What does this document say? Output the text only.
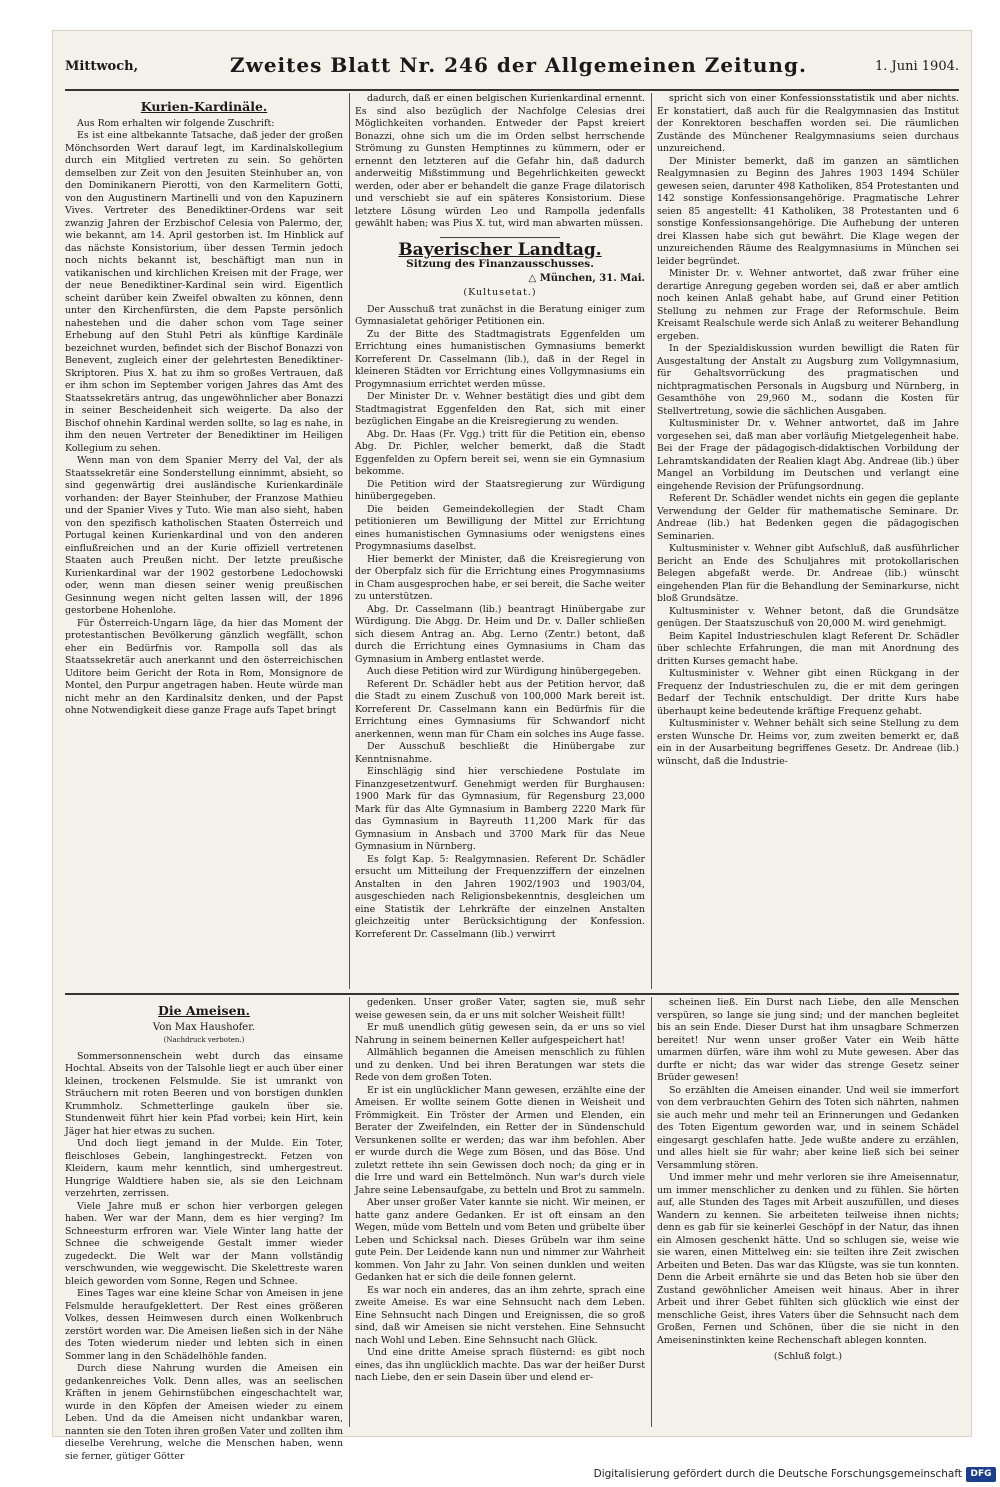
Mittwoch,	Zweites Blatt Nr. 246 der Allgemeinen Zeitung.	1. Juni 1904.
Kurien-Kardinäle.

Aus Rom erhalten wir folgende Zuschrift:

Es ist eine altbekannte Tatsache, daß jeder der großen Mönchsorden Wert darauf legt, im Kardinalskollegium durch ein Mitglied vertreten zu sein. So gehörten demselben zur Zeit von den Jesuiten Steinhuber an, von den Dominikanern Pierotti, von den Karmelitern Gotti, von den Augustinern Martinelli und von den Kapuzinern Vives. Vertreter des Benediktiner-Ordens war seit zwanzig Jahren der Erzbischof Celesia von Palermo, der, wie bekannt, am 14. April gestorben ist. Im Hinblick auf das nächste Konsistorium, über dessen Termin jedoch noch nichts bekannt ist, beschäftigt man nun in vatikanischen und kirchlichen Kreisen mit der Frage, wer der neue Benediktiner-Kardinal sein wird. Eigentlich scheint darüber kein Zweifel obwalten zu können, denn unter den Kirchenfürsten, die dem Papste persönlich nahestehen und die daher schon vom Tage seiner Erhebung auf den Stuhl Petri als künftige Kardinäle bezeichnet wurden, befindet sich der Bischof Bonazzi von Benevent, zugleich einer der gelehrtesten Benediktiner-Skriptoren. Pius X. hat zu ihm so großes Vertrauen, daß er ihm schon im September vorigen Jahres das Amt des Staatssekretärs antrug, das ungewöhnlicher aber Bonazzi in seiner Bescheidenheit sich weigerte. Da also der Bischof ohnehin Kardinal werden sollte, so lag es nahe, in ihm den neuen Vertreter der Benediktiner im Heiligen Kollegium zu sehen.

Wenn man von dem Spanier Merry del Val, der als Staatssekretär eine Sonderstellung einnimmt, absieht, so sind gegenwärtig drei ausländische Kurienkardinäle vorhanden: der Bayer Steinhuber, der Franzose Mathieu und der Spanier Vives y Tuto. Wie man also sieht, haben von den spezifisch katholischen Staaten Österreich und Portugal keinen Kurienkardinal und von den anderen einflußreichen und an der Kurie offiziell vertretenen Staaten auch Preußen nicht. Der letzte preußische Kurienkardinal war der 1902 gestorbene Ledochowski oder, wenn man diesen seiner wenig preußischen Gesinnung wegen nicht gelten lassen will, der 1896 gestorbene Hohenlohe.

Für Österreich-Ungarn läge, da hier das Moment der protestantischen Bevölkerung gänzlich wegfällt, schon eher ein Bedürfnis vor. Rampolla soll das als Staatssekretär auch anerkannt und den österreichischen Uditore beim Gericht der Rota in Rom, Monsignore de Montel, den Purpur angetragen haben. Heute würde man nicht mehr an den Kardinalsitz denken, und der Papst ohne Notwendigkeit diese ganze Frage aufs Tapet bringt

dadurch, daß er einen belgischen Kurienkardinal ernennt. Es sind also bezüglich der Nachfolge Celesias drei Möglichkeiten vorhanden. Entweder der Papst kreiert Bonazzi, ohne sich um die im Orden selbst herrschende Strömung zu Gunsten Hemptinnes zu kümmern, oder er ernennt den letzteren auf die Gefahr hin, daß dadurch anderweitig Mißstimmung und Begehrlichkeiten geweckt werden, oder aber er behandelt die ganze Frage dilatorisch und verschiebt sie auf ein späteres Konsistorium. Diese letztere Lösung würden Leo und Rampolla jedenfalls gewählt haben; was Pius X. tut, wird man abwarten müssen.

Bayerischer Landtag.
Sitzung des Finanzausschusses.
△ München, 31. Mai.
(Kultusetat.)

Der Ausschuß trat zunächst in die Beratung einiger zum Gymnasialetat gehöriger Petitionen ein.

Zu der Bitte des Stadtmagistrats Eggenfelden um Errichtung eines humanistischen Gymnasiums bemerkt Korreferent Dr. Casselmann (lib.), daß in der Regel in kleineren Städten vor Errichtung eines Vollgymnasiums ein Progymnasium errichtet werden müsse.

Der Minister Dr. v. Wehner bestätigt dies und gibt dem Stadtmagistrat Eggenfelden den Rat, sich mit einer bezüglichen Eingabe an die Kreisregierung zu wenden.

Abg. Dr. Haas (Fr. Vgg.) tritt für die Petition ein, ebenso Abg. Dr. Pichler, welcher bemerkt, daß die Stadt Eggenfelden zu Opfern bereit sei, wenn sie ein Gymnasium bekomme.

Die Petition wird der Staatsregierung zur Würdigung hinübergegeben.

Die beiden Gemeindekollegien der Stadt Cham petitionieren um Bewilligung der Mittel zur Errichtung eines humanistischen Gymnasiums oder wenigstens eines Progymnasiums daselbst.

Hier bemerkt der Minister, daß die Kreisregierung von der Oberpfalz sich für die Errichtung eines Progymnasiums in Cham ausgesprochen habe, er sei bereit, die Sache weiter zu unterstützen.

Abg. Dr. Casselmann (lib.) beantragt Hinübergabe zur Würdigung. Die Abgg. Dr. Heim und Dr. v. Daller schließen sich diesem Antrag an. Abg. Lerno (Zentr.) betont, daß durch die Errichtung eines Gymnasiums in Cham das Gymnasium in Amberg entlastet werde.

Auch diese Petition wird zur Würdigung hinübergegeben.

Referent Dr. Schädler hebt aus der Petition hervor, daß die Stadt zu einem Zuschuß von 100,000 Mark bereit ist. Korreferent Dr. Casselmann kann ein Bedürfnis für die Errichtung eines Gymnasiums für Schwandorf nicht anerkennen, wenn man für Cham ein solches ins Auge fasse.

Der Ausschuß beschließt die Hinübergabe zur Kenntnisnahme.

Einschlägig sind hier verschiedene Postulate im Finanzgesetzentwurf. Genehmigt werden für Burghausen: 1900 Mark für das Gymnasium, für Regensburg 23,000 Mark für das Alte Gymnasium in Bamberg 2220 Mark für das Gymnasium in Bayreuth 11,200 Mark für das Gymnasium in Ansbach und 3700 Mark für das Neue Gymnasium in Nürnberg.

Es folgt Kap. 5: Realgymnasien. Referent Dr. Schädler ersucht um Mitteilung der Frequenzziffern der einzelnen Anstalten in den Jahren 1902/1903 und 1903/04, ausgeschieden nach Religionsbekenntnis, desgleichen um eine Statistik der Lehrkräfte der einzelnen Anstalten gleichzeitig unter Berücksichtigung der Konfession. Korreferent Dr. Casselmann (lib.) verwirrt

spricht sich von einer Konfessionsstatistik und aber nichts. Er konstatiert, daß auch für die Realgymnasien das Institut der Konrektoren beschaffen worden sei. Die räumlichen Zustände des Münchener Realgymnasiums seien durchaus unzureichend.

Der Minister bemerkt, daß im ganzen an sämtlichen Realgymnasien zu Beginn des Jahres 1903 1494 Schüler gewesen seien, darunter 498 Katholiken, 854 Protestanten und 142 sonstige Konfessionsangehörige. Pragmatische Lehrer seien 85 angestellt: 41 Katholiken, 38 Protestanten und 6 sonstige Konfessionsangehörige. Die Aufhebung der unteren drei Klassen habe sich gut bewährt. Die Klage wegen der unzureichenden Räume des Realgymnasiums in München sei leider begründet.

Minister Dr. v. Wehner antwortet, daß zwar früher eine derartige Anregung gegeben worden sei, daß er aber amtlich noch keinen Anlaß gehabt habe, auf Grund einer Petition Stellung zu nehmen zur Frage der Reformschule. Beim Kreisamt Realschule werde sich Anlaß zu weiterer Behandlung ergeben.

In der Spezialdiskussion wurden bewilligt die Raten für Ausgestaltung der Anstalt zu Augsburg zum Vollgymnasium, für Gehaltsvorrückung des pragmatischen und nichtpragmatischen Personals in Augsburg und Nürnberg, in Gesamthöhe von 29,960 M., sodann die Kosten für Stellvertretung, sowie die sächlichen Ausgaben.

Kultusminister Dr. v. Wehner antwortet, daß im Jahre vorgesehen sei, daß man aber vorläufig Mietgelegenheit habe. Bei der Frage der pädagogisch-didaktischen Vorbildung der Lehramtskandidaten der Realien klagt Abg. Andreae (lib.) über Mangel an Vorbildung im Deutschen und verlangt eine eingehende Revision der Prüfungsordnung.

Referent Dr. Schädler wendet nichts ein gegen die geplante Verwendung der Gelder für mathematische Seminare. Dr. Andreae (lib.) hat Bedenken gegen die pädagogischen Seminarien.

Kultusminister v. Wehner gibt Aufschluß, daß ausführlicher Bericht an Ende des Schuljahres mit protokollarischen Belegen abgefaßt werde. Dr. Andreae (lib.) wünscht eingehenden Plan für die Behandlung der Seminarkurse, nicht bloß Grundsätze.

Kultusminister v. Wehner betont, daß die Grundsätze genügen. Der Staatszuschuß von 20,000 M. wird genehmigt.

Beim Kapitel Industrieschulen klagt Referent Dr. Schädler über schlechte Erfahrungen, die man mit Anordnung des dritten Kurses gemacht habe.

Kultusminister v. Wehner gibt einen Rückgang in der Frequenz der Industrieschulen zu, die er mit dem geringen Bedarf der Technik entschuldigt. Der dritte Kurs habe überhaupt keine bedeutende kräftige Frequenz gehabt.

Kultusminister v. Wehner behält sich seine Stellung zu dem ersten Wunsche Dr. Heims vor, zum zweiten bemerkt er, daß ein in der Ausarbeitung begriffenes Gesetz. Dr. Andreae (lib.) wünscht, daß die Industrie-

Die Ameisen.
Von Max Haushofer.
(Nachdruck verboten.)

Sommersonnenschein webt durch das einsame Hochtal. Abseits von der Talsohle liegt er auch über einer kleinen, trockenen Felsmulde. Sie ist umrankt von Sträuchern mit roten Beeren und von borstigen dunklen Krummholz. Schmetterlinge gaukeln über sie. Stundenweit führt hier kein Pfad vorbei; kein Hirt, kein Jäger hat hier etwas zu suchen.

Und doch liegt jemand in der Mulde. Ein Toter, fleischloses Gebein, langhingestreckt. Fetzen von Kleidern, kaum mehr kenntlich, sind umhergestreut. Hungrige Waldtiere haben sie, als sie den Leichnam verzehrten, zerrissen.

Viele Jahre muß er schon hier verborgen gelegen haben. Wer war der Mann, dem es hier verging? Im Schneesturm erfroren war. Viele Winter lang hatte der Schnee die schweigende Gestalt immer wieder zugedeckt. Die Welt war der Mann vollständig verschwunden, wie weggewischt. Die Skelettreste waren bleich geworden vom Sonne, Regen und Schnee.

Eines Tages war eine kleine Schar von Ameisen in jene Felsmulde heraufgeklettert. Der Rest eines größeren Volkes, dessen Heimwesen durch einen Wolkenbruch zerstört worden war. Die Ameisen ließen sich in der Nähe des Toten wiederum nieder und lebten sich in einen Sommer lang in den Schädelhöhle fanden.

Durch diese Nahrung wurden die Ameisen ein gedankenreiches Volk. Denn alles, was an seelischen Kräften in jenem Gehirnstübchen eingeschachtelt war, wurde in den Köpfen der Ameisen wieder zu einem Leben. Und da die Ameisen nicht undankbar waren, nannten sie den Toten ihren großen Vater und zollten ihm dieselbe Verehrung, welche die Menschen haben, wenn sie ferner, gütiger Götter

gedenken. Unser großer Vater, sagten sie, muß sehr weise gewesen sein, da er uns mit solcher Weisheit füllt!

Er muß unendlich gütig gewesen sein, da er uns so viel Nahrung in seinem beinernen Keller aufgespeichert hat!

Allmählich begannen die Ameisen menschlich zu fühlen und zu denken. Und bei ihren Beratungen war stets die Rede von dem großen Toten.

Er ist ein unglücklicher Mann gewesen, erzählte eine der Ameisen. Er wollte seinem Gotte dienen in Weisheit und Frömmigkeit. Ein Tröster der Armen und Elenden, ein Berater der Zweifelnden, ein Retter der in Sündenschuld Versunkenen sollte er werden; das war ihm befohlen. Aber er wurde durch die Wege zum Bösen, und das Böse. Und zuletzt rettete ihn sein Gewissen doch noch; da ging er in die Irre und ward ein Bettelmönch. Nun war's durch viele Jahre seine Lebensaufgabe, zu betteln und Brot zu sammeln.

Aber unser großer Vater kannte sie nicht. Wir meinen, er hatte ganz andere Gedanken. Er ist oft einsam an den Wegen, müde vom Betteln und vom Beten und grübelte über Leben und Schicksal nach. Dieses Grübeln war ihm seine gute Pein. Der Leidende kann nun und nimmer zur Wahrheit kommen. Von Jahr zu Jahr. Von seinen dunklen und weiten Gedanken hat er sich die deile fonnen gelernt.

Es war noch ein anderes, das an ihm zehrte, sprach eine zweite Ameise. Es war eine Sehnsucht nach dem Leben. Eine Sehnsucht nach Dingen und Ereignissen, die so groß sind, daß wir Ameisen sie nicht verstehen. Eine Sehnsucht nach Wohl und Leben. Eine Sehnsucht nach Glück.

Und eine dritte Ameise sprach flüsternd: es gibt noch eines, das ihn unglücklich machte. Das war der heißer Durst nach Liebe, den er sein Dasein über und elend er-

scheinen ließ. Ein Durst nach Liebe, den alle Menschen verspüren, so lange sie jung sind; und der manchen begleitet bis an sein Ende. Dieser Durst hat ihm unsagbare Schmerzen bereitet! Nur wenn unser großer Vater ein Weib hätte umarmen dürfen, wäre ihm wohl zu Mute gewesen. Aber das durfte er nicht; das war wider das strenge Gesetz seiner Brüder gewesen!

So erzählten die Ameisen einander. Und weil sie immerfort von dem verbrauchten Gehirn des Toten sich nährten, nahmen sie auch mehr und mehr teil an Erinnerungen und Gedanken des Toten Eigentum geworden war, und in seinem Schädel eingesargt geschlafen hatte. Jede wußte andere zu erzählen, und alles hielt sie für wahr; aber keine ließ sich bei seiner Versammlung stören.

Und immer mehr und mehr verloren sie ihre Ameisennatur, um immer menschlicher zu denken und zu fühlen. Sie hörten auf, alle Stunden des Tages mit Arbeit auszufüllen, und dieses Wandern zu kennen. Sie arbeiteten teilweise ihnen nichts; denn es gab für sie keinerlei Geschöpf in der Natur, das ihnen ein Almosen geschenkt hätte. Und so schlugen sie, weise wie sie waren, einen Mittelweg ein: sie teilten ihre Zeit zwischen Arbeiten und Beten. Das war das Klügste, was sie tun konnten. Denn die Arbeit ernährte sie und das Beten hob sie über den Zustand gewöhnlicher Ameisen weit hinaus. Aber in ihrer Arbeit und ihrer Gebet fühlten sich glücklich wie einst der menschliche Geist, ihres Vaters über die Sehnsucht nach dem Großen, Fernen und Schönen, über die sie nicht in den Ameiseninstinkten keine Rechenschaft ablegen konnten.

(Schluß folgt.)
Digitalisierung gefördert durch die Deutsche Forschungsgemeinschaft DFG
